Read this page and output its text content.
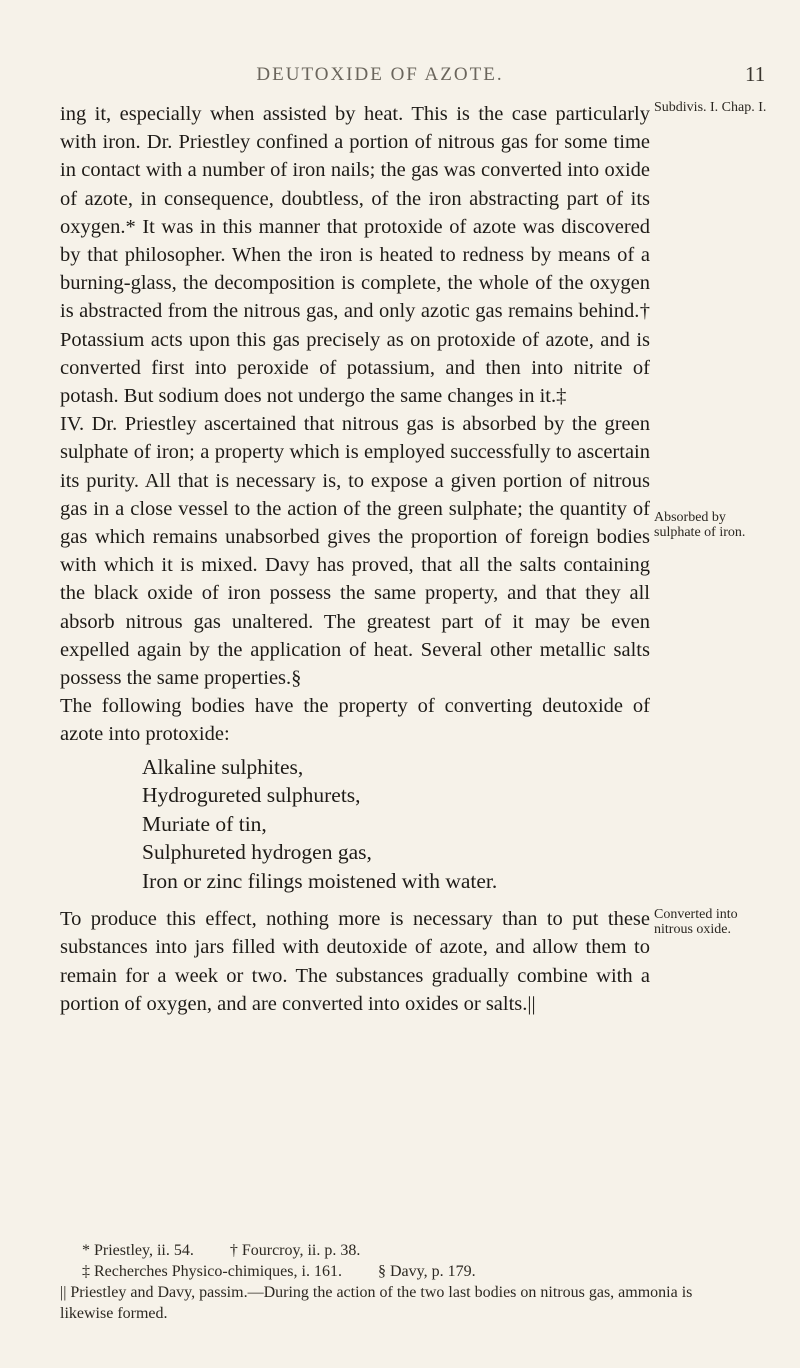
DEUTOXIDE OF AZOTE.	11

ing it, especially when assisted by heat. This is the case particularly with iron. Dr. Priestley confined a portion of nitrous gas for some time in contact with a number of iron nails; the gas was converted into oxide of azote, in consequence, doubtless, of the iron abstracting part of its oxygen.* It was in this manner that protoxide of azote was discovered by that philosopher. When the iron is heated to redness by means of a burning-glass, the decomposition is complete, the whole of the oxygen is abstracted from the nitrous gas, and only azotic gas remains behind.† Potassium acts upon this gas precisely as on protoxide of azote, and is converted first into peroxide of potassium, and then into nitrite of potash. But sodium does not undergo the same changes in it.‡

IV. Dr. Priestley ascertained that nitrous gas is absorbed by the green sulphate of iron; a property which is employed successfully to ascertain its purity. All that is necessary is, to expose a given portion of nitrous gas in a close vessel to the action of the green sulphate; the quantity of gas which remains unabsorbed gives the proportion of foreign bodies with which it is mixed. Davy has proved, that all the salts containing the black oxide of iron possess the same property, and that they all absorb nitrous gas unaltered. The greatest part of it may be even expelled again by the application of heat. Several other metallic salts possess the same properties.§

The following bodies have the property of converting deutoxide of azote into protoxide:

Alkaline sulphites,
Hydrogureted sulphurets,
Muriate of tin,
Sulphureted hydrogen gas,
Iron or zinc filings moistened with water.

To produce this effect, nothing more is necessary than to put these substances into jars filled with deutoxide of azote, and allow them to remain for a week or two. The substances gradually combine with a portion of oxygen, and are converted into oxides or salts.||

Subdivis. I. Chap. I.
Absorbed by sulphate of iron.
Converted into nitrous oxide.

* Priestley, ii. 54. † Fourcroy, ii. p. 38.

‡ Recherches Physico-chimiques, i. 161. § Davy, p. 179.

|| Priestley and Davy, passim.—During the action of the two last bodies on nitrous gas, ammonia is likewise formed.
